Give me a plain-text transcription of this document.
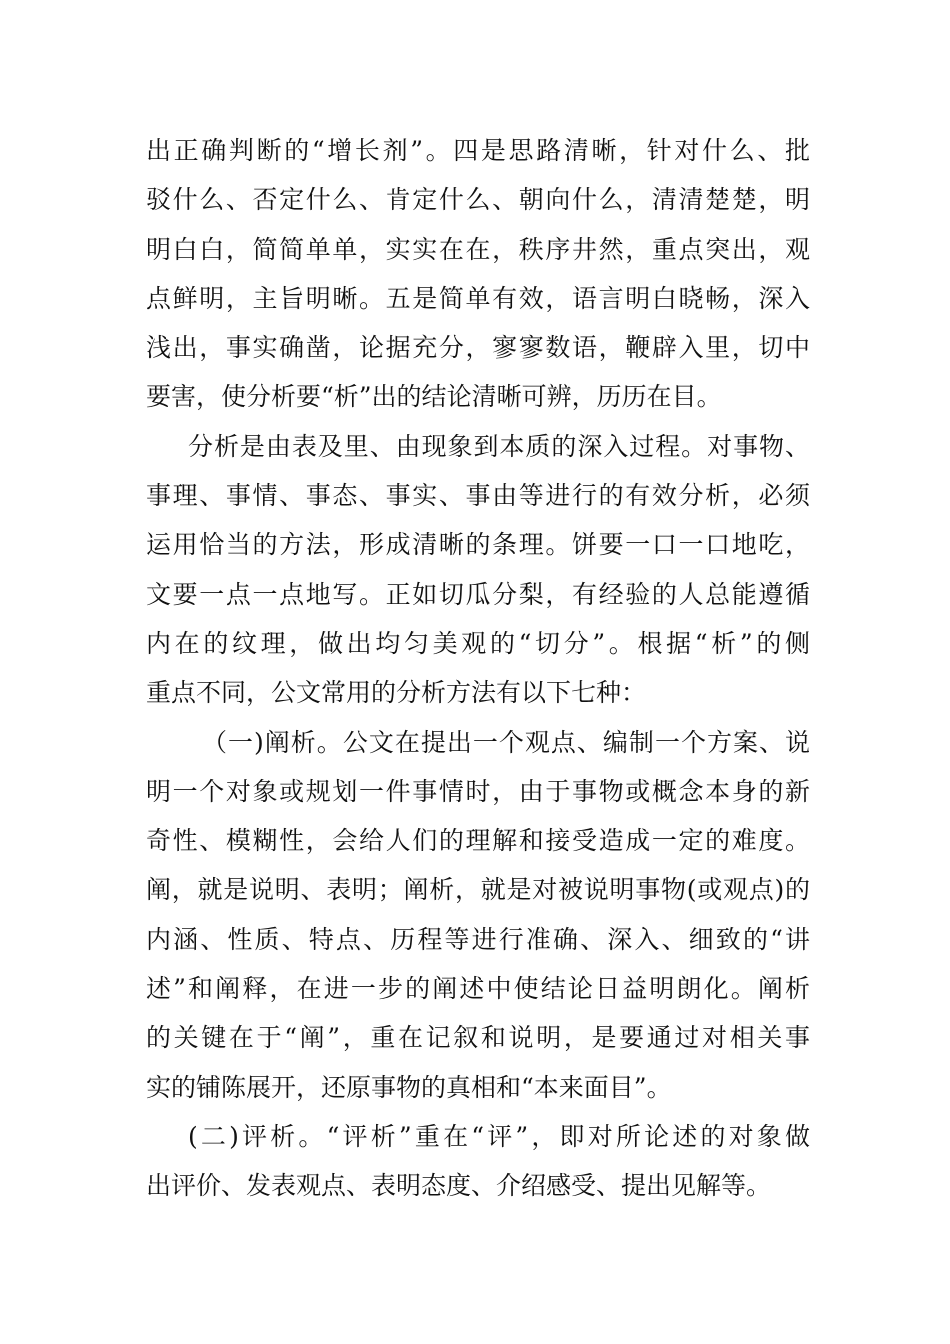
出正确判断的“增长剂”。四是思路清晰，针对什么、批
驳什么、否定什么、肯定什么、朝向什么，清清楚楚，明
明白白，简简单单，实实在在，秩序井然，重点突出，观
点鲜明，主旨明晰。五是简单有效，语言明白晓畅，深入
浅出，事实确凿，论据充分，寥寥数语，鞭辟入里，切中
要害，使分析要“析”出的结论清晰可辨，历历在目。
分析是由表及里、由现象到本质的深入过程。对事物、
事理、事情、事态、事实、事由等进行的有效分析，必须
运用恰当的方法，形成清晰的条理。饼要一口一口地吃，
文要一点一点地写。正如切瓜分梨，有经验的人总能遵循
内在的纹理，做出均匀美观的“切分”。根据“析”的侧
重点不同，公文常用的分析方法有以下七种：
（一)阐析。公文在提出一个观点、编制一个方案、说
明一个对象或规划一件事情时，由于事物或概念本身的新
奇性、模糊性，会给人们的理解和接受造成一定的难度。
阐，就是说明、表明；阐析，就是对被说明事物(或观点)的
内涵、性质、特点、历程等进行准确、深入、细致的“讲
述”和阐释，在进一步的阐述中使结论日益明朗化。阐析
的关键在于“阐”，重在记叙和说明，是要通过对相关事
实的铺陈展开，还原事物的真相和“本来面目”。
(二)评析。“评析”重在“评”，即对所论述的对象做
出评价、发表观点、表明态度、介绍感受、提出见解等。
